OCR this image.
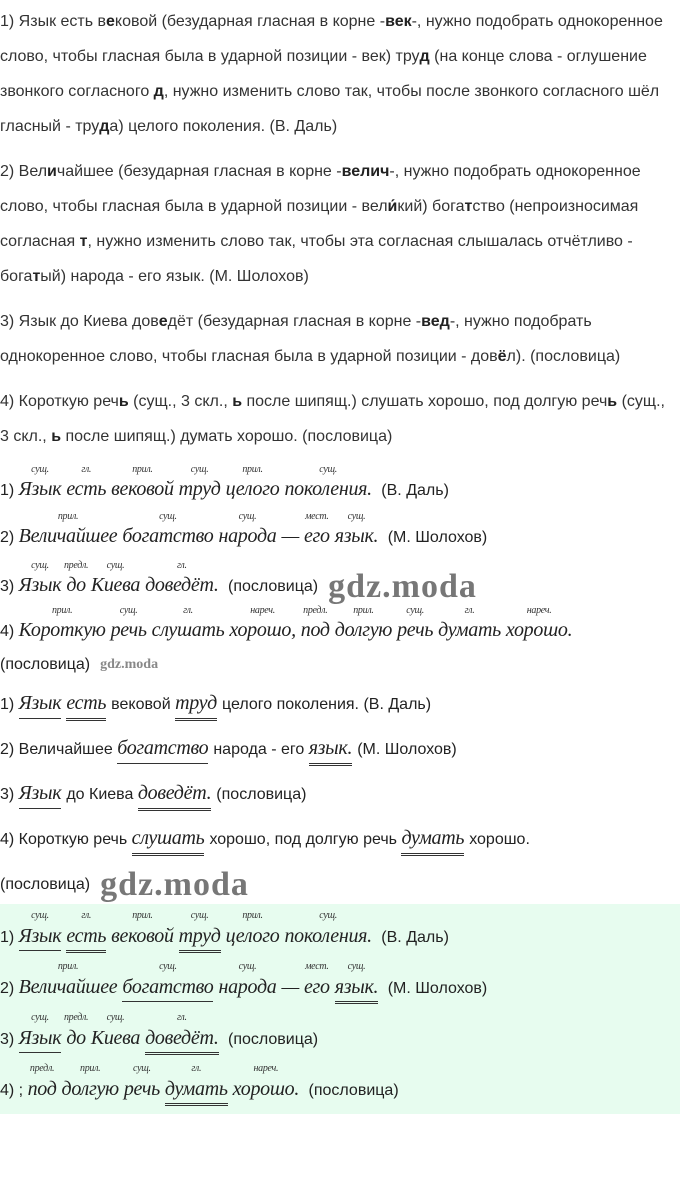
1) Язык есть вековой (безударная гласная в корне -век-, нужно подобрать однокоренное слово, чтобы гласная была в ударной позиции - век) труд (на конце слова - оглушение звонкого согласного д, нужно изменить слово так, чтобы после звонкого согласного шёл гласный - труда) целого поколения. (В. Даль)

2) Величайшее (безударная гласная в корне -велич-, нужно подобрать однокоренное слово, чтобы гласная была в ударной позиции - вели́кий) богатство (непроизносимая согласная т, нужно изменить слово так, чтобы эта согласная слышалась отчётливо - богатый) народа - его язык. (М. Шолохов)

3) Язык до Киева доведёт (безударная гласная в корне -вед-, нужно подобрать однокоренное слово, чтобы гласная была в ударной позиции - довёл). (пословица)

4) Короткую речь (сущ., 3 скл., ь после шипящ.) слушать хорошо, под долгую речь (сущ., 3 скл., ь после шипящ.) думать хорошо. (пословица)

1) Язык
сущ.
есть
гл.
вековой
прил.
труд
сущ.
целого
прил.
поколения.
сущ.
(В. Даль)
2) Величайшее
прил.
богатство
сущ.
народа
сущ.
—его
мест.
язык.
сущ.
(М. Шолохов)
3) Язык
сущ.
до
предл.
Киева
сущ.
доведёт.
гл.
(пословица) gdz.moda
4) Короткую
прил.
речь
сущ.
слушать
гл.
хорошо,
нареч.
под
предл.
долгую
прил.
речь
сущ.
думать
гл.
хорошо.
нареч.
(пословица) gdz.moda
1) Язык есть вековой труд целого поколения. (В. Даль)
2) Величайшее богатство народа - его язык. (М. Шолохов)
3) Язык до Киева доведёт. (пословица)
4) Короткую речь слушать хорошо, под долгую речь думать хорошо.
(пословица) gdz.moda
1) Язык
сущ.
есть
гл.
вековой
прил.
труд
сущ.
целого
прил.
поколения.
сущ.
(В. Даль)
2) Величайшее
прил.
богатство
сущ.
народа
сущ.
—его
мест.
язык.
сущ.
(М. Шолохов)
3) Язык
сущ.
до
предл.
Киева
сущ.
доведёт.
гл.
(пословица)
4) ; под
предл.
долгую
прил.
речь
сущ.
думать
гл.
хорошо.
нареч.
(пословица)
